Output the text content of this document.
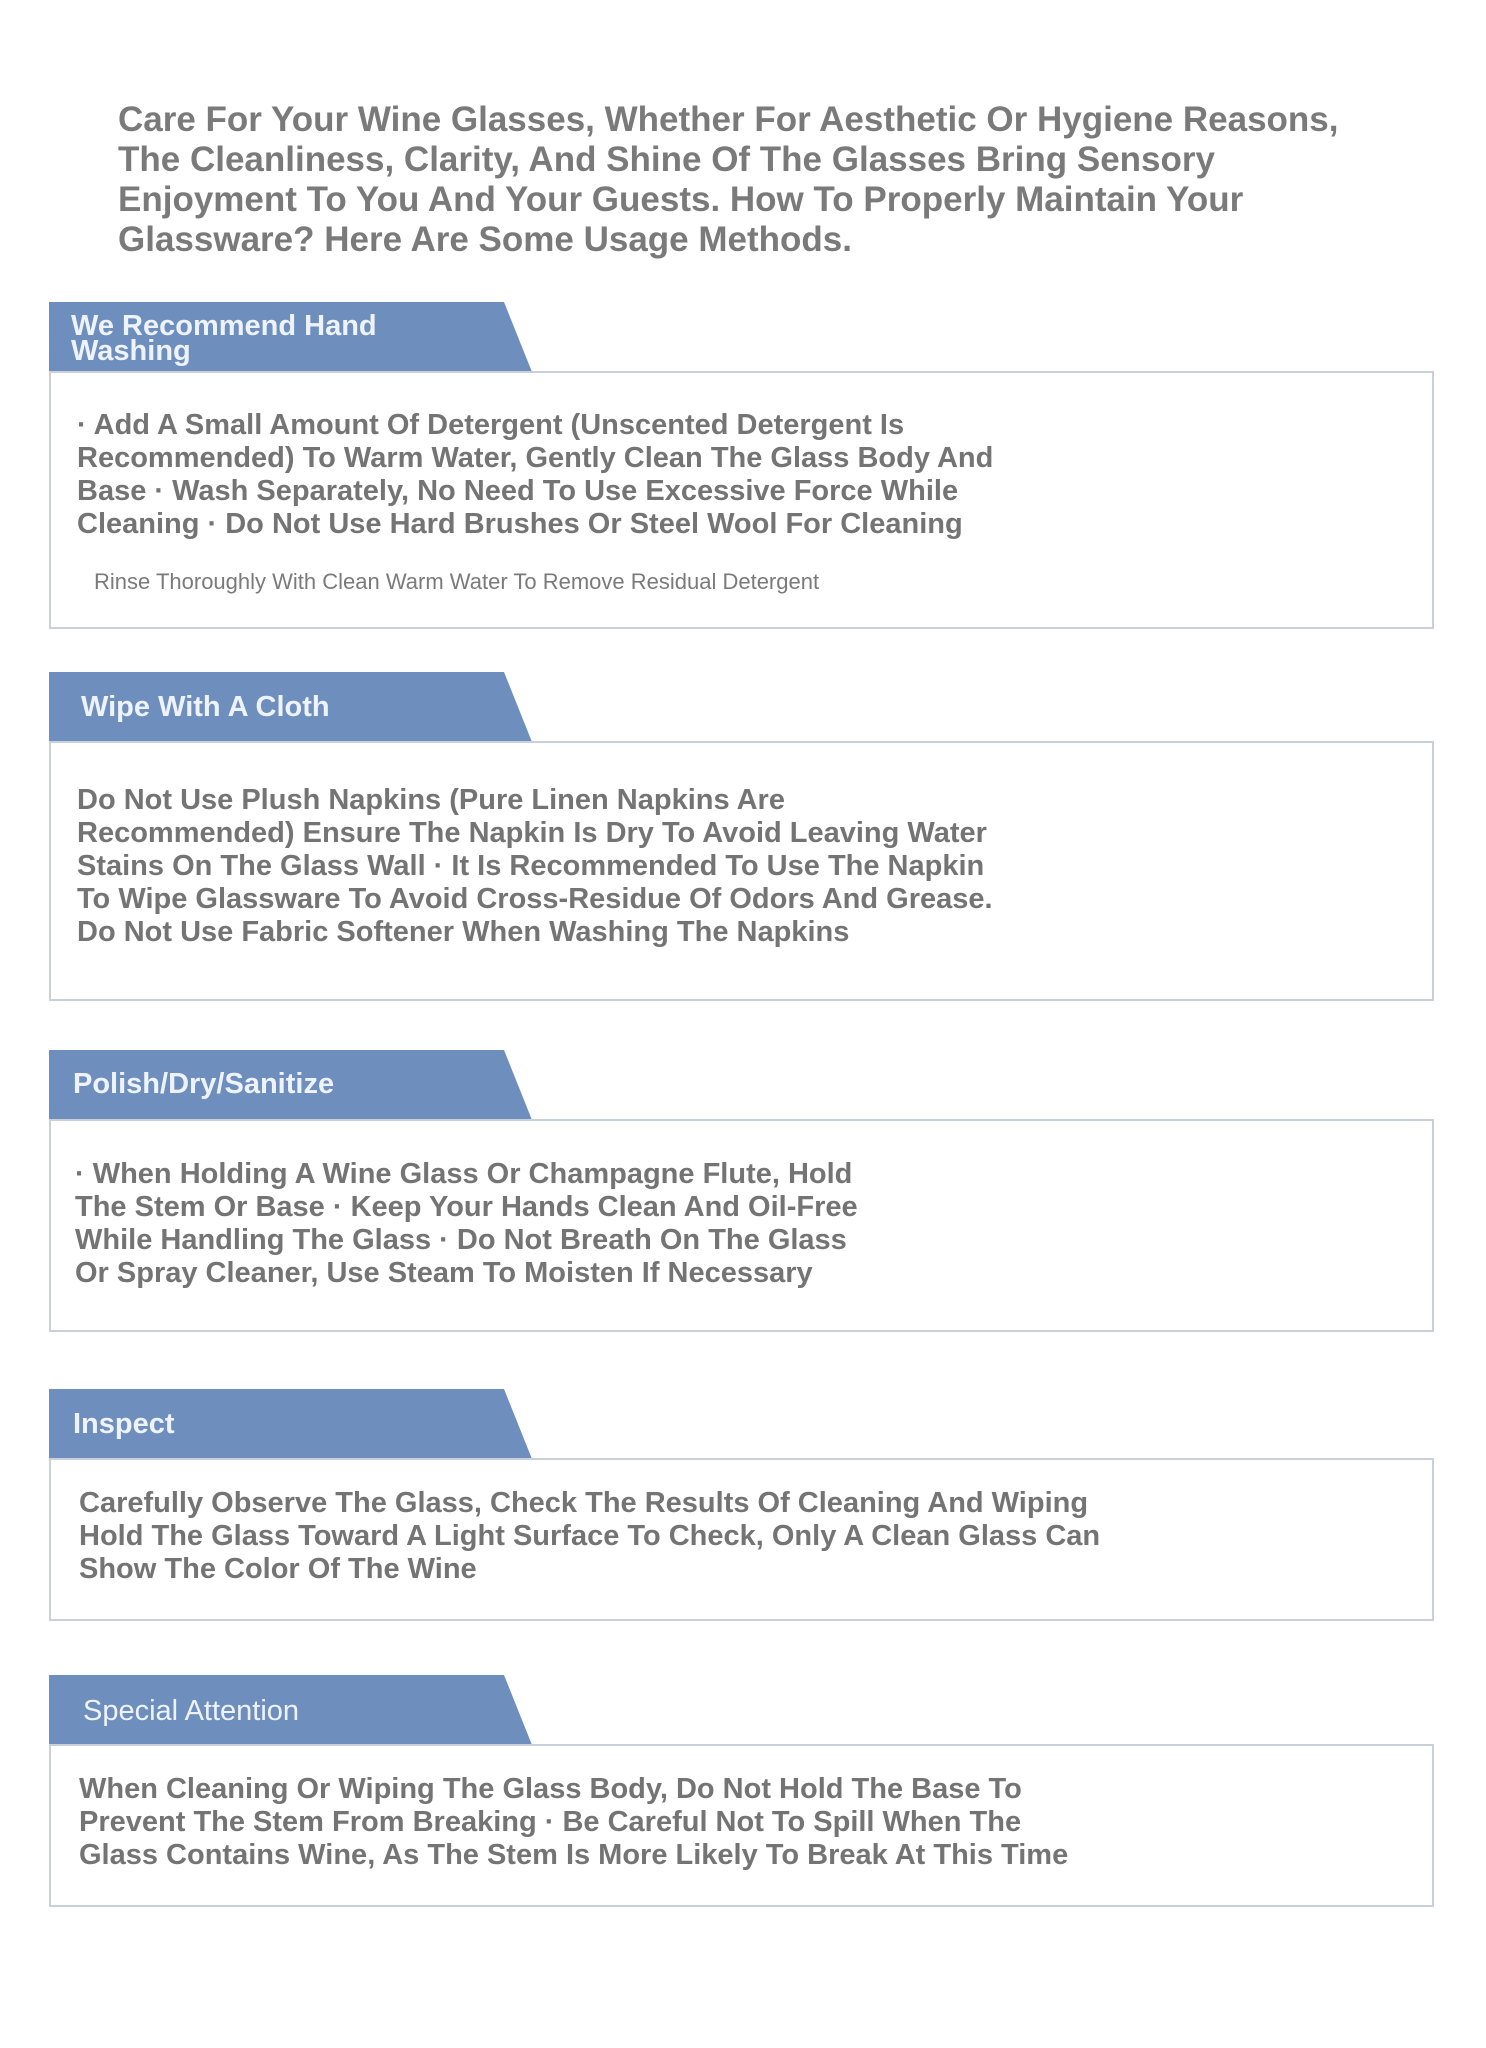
Care For Your Wine Glasses, Whether For Aesthetic Or Hygiene Reasons,
The Cleanliness, Clarity, And Shine Of The Glasses Bring Sensory
Enjoyment To You And Your Guests. How To Properly Maintain Your
Glassware? Here Are Some Usage Methods.

We Recommend Hand
Washing

· Add A Small Amount Of Detergent (Unscented Detergent Is
Recommended) To Warm Water, Gently Clean The Glass Body And
Base · Wash Separately, No Need To Use Excessive Force While
Cleaning · Do Not Use Hard Brushes Or Steel Wool For Cleaning

Rinse Thoroughly With Clean Warm Water To Remove Residual Detergent

Wipe With A Cloth

Do Not Use Plush Napkins (Pure Linen Napkins Are
Recommended) Ensure The Napkin Is Dry To Avoid Leaving Water
Stains On The Glass Wall · It Is Recommended To Use The Napkin
To Wipe Glassware To Avoid Cross-Residue Of Odors And Grease.
Do Not Use Fabric Softener When Washing The Napkins

Polish/Dry/Sanitize

· When Holding A Wine Glass Or Champagne Flute, Hold
The Stem Or Base · Keep Your Hands Clean And Oil-Free
While Handling The Glass · Do Not Breath On The Glass
Or Spray Cleaner, Use Steam To Moisten If Necessary

Inspect

Carefully Observe The Glass, Check The Results Of Cleaning And Wiping
Hold The Glass Toward A Light Surface To Check, Only A Clean Glass Can
Show The Color Of The Wine

Special Attention

When Cleaning Or Wiping The Glass Body, Do Not Hold The Base To
Prevent The Stem From Breaking · Be Careful Not To Spill When The
Glass Contains Wine, As The Stem Is More Likely To Break At This Time
